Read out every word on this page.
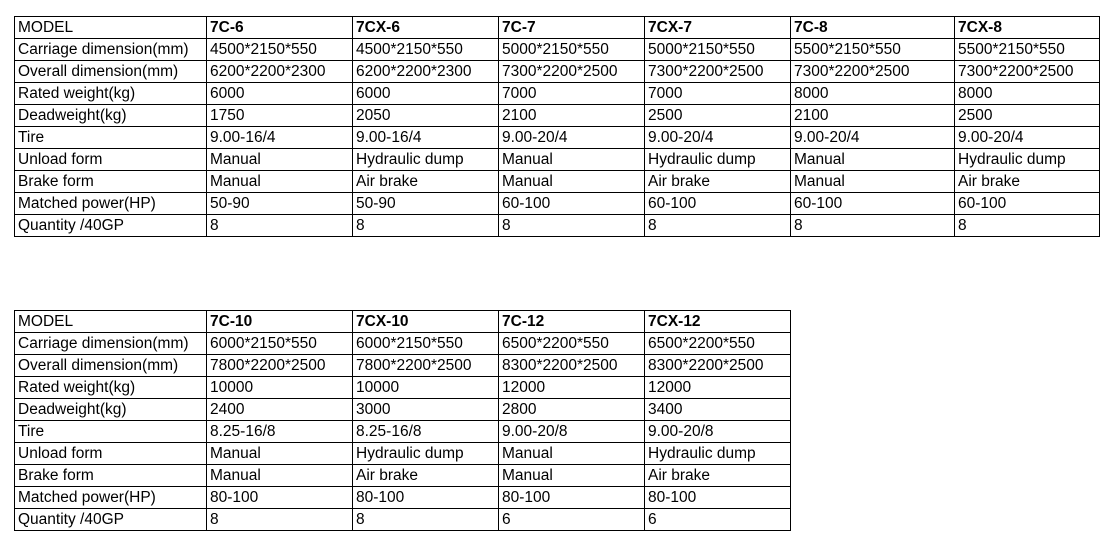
MODEL	7C-6	7CX-6	7C-7	7CX-7	7C-8	7CX-8
Carriage dimension(mm)	4500*2150*550	4500*2150*550	5000*2150*550	5000*2150*550	5500*2150*550	5500*2150*550
Overall dimension(mm)	6200*2200*2300	6200*2200*2300	7300*2200*2500	7300*2200*2500	7300*2200*2500	7300*2200*2500
Rated weight(kg)	6000	6000	7000	7000	8000	8000
Deadweight(kg)	1750	2050	2100	2500	2100	2500
Tire	9.00-16/4	9.00-16/4	9.00-20/4	9.00-20/4	9.00-20/4	9.00-20/4
Unload form	Manual	Hydraulic dump	Manual	Hydraulic dump	Manual	Hydraulic dump
Brake form	Manual	Air brake	Manual	Air brake	Manual	Air brake
Matched power(HP)	50-90	50-90	60-100	60-100	60-100	60-100
Quantity /40GP	8	8	8	8	8	8
MODEL	7C-10	7CX-10	7C-12	7CX-12
Carriage dimension(mm)	6000*2150*550	6000*2150*550	6500*2200*550	6500*2200*550
Overall dimension(mm)	7800*2200*2500	7800*2200*2500	8300*2200*2500	8300*2200*2500
Rated weight(kg)	10000	10000	12000	12000
Deadweight(kg)	2400	3000	2800	3400
Tire	8.25-16/8	8.25-16/8	9.00-20/8	9.00-20/8
Unload form	Manual	Hydraulic dump	Manual	Hydraulic dump
Brake form	Manual	Air brake	Manual	Air brake
Matched power(HP)	80-100	80-100	80-100	80-100
Quantity /40GP	8	8	6	6
